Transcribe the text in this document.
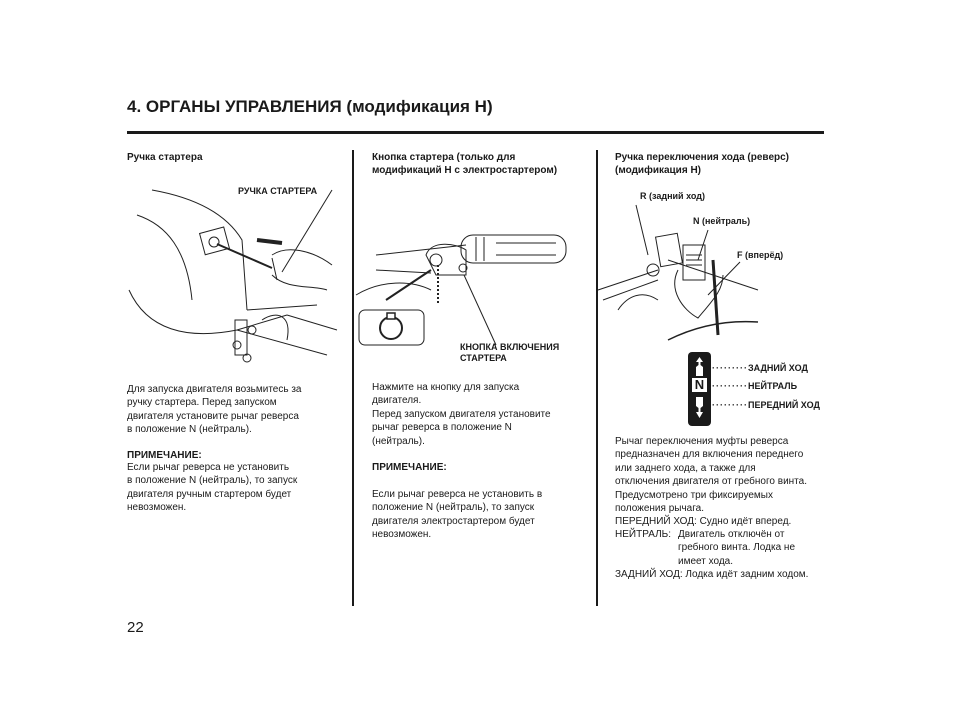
4. ОРГАНЫ УПРАВЛЕНИЯ (модификация H)
Ручка стартера
РУЧКА СТАРТЕРА
Для запуска двигателя возьмитесь за
ручку стартера. Перед запуском
двигателя установите рычаг реверса
в положение N (нейтраль).
ПРИМЕЧАНИЕ:
Если рычаг реверса не установить
в положение N (нейтраль), то запуск
двигателя ручным стартером будет
невозможен.
Кнопка стартера (только для
модификаций H с электростартером)
КНОПКА ВКЛЮЧЕНИЯ
СТАРТЕРА
Нажмите на кнопку для запуска
двигателя.
Перед запуском двигателя установите
рычаг реверса в положение N
(нейтраль).
ПРИМЕЧАНИЕ:
Если рычаг реверса не установить в
положение N (нейтраль), то запуск
двигателя электростартером будет
невозможен.
Ручка переключения хода (реверс)
(модификация H)
R (задний ход)
N (нейтраль)
F (вперёд)
N
·········ЗАДНИЙ ХОД
·········НЕЙТРАЛЬ
·········ПЕРЕДНИЙ ХОД
Рычаг переключения муфты реверса
предназначен для включения переднего
или заднего хода, а также для
отключения двигателя от гребного винта.
Предусмотрено три фиксируемых
положения рычага.
ПЕРЕДНИЙ ХОД: Судно идёт вперед.
НЕЙТРАЛЬ: Двигатель отключён от
гребного винта. Лодка не
имеет хода.
ЗАДНИЙ ХОД: Лодка идёт задним ходом.
22
